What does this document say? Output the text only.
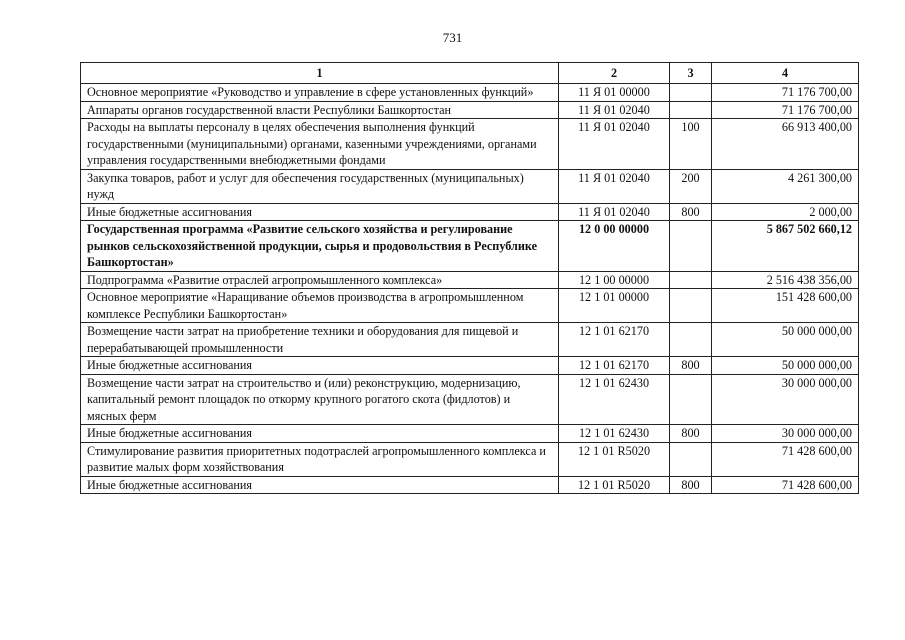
731
1	2	3	4
Основное мероприятие «Руководство и управление в сфере установленных функций»	11 Я 01 00000		71 176 700,00
Аппараты органов государственной власти Республики Башкортостан	11 Я 01 02040		71 176 700,00
Расходы на выплаты персоналу в целях обеспечения выполнения функций государственными (муниципальными) органами, казенными учреждениями, органами управления государственными внебюджетными фондами	11 Я 01 02040	100	66 913 400,00
Закупка товаров, работ и услуг для обеспечения государственных (муниципальных) нужд	11 Я 01 02040	200	4 261 300,00
Иные бюджетные ассигнования	11 Я 01 02040	800	2 000,00
Государственная программа «Развитие сельского хозяйства и регулирование рынков сельскохозяйственной продукции, сырья и продовольствия в Республике Башкортостан»	12 0 00 00000		5 867 502 660,12
Подпрограмма «Развитие отраслей агропромышленного комплекса»	12 1 00 00000		2 516 438 356,00
Основное мероприятие «Наращивание объемов производства в агропромышленном комплексе Республики Башкортостан»	12 1 01 00000		151 428 600,00
Возмещение части затрат на приобретение техники и оборудования для пищевой и перерабатывающей промышленности	12 1 01 62170		50 000 000,00
Иные бюджетные ассигнования	12 1 01 62170	800	50 000 000,00
Возмещение части затрат на строительство и (или) реконструкцию, модернизацию, капитальный ремонт площадок по откорму крупного рогатого скота (фидлотов) и мясных ферм	12 1 01 62430		30 000 000,00
Иные бюджетные ассигнования	12 1 01 62430	800	30 000 000,00
Стимулирование развития приоритетных подотраслей агропромышленного комплекса и развитие малых форм хозяйствования	12 1 01 R5020		71 428 600,00
Иные бюджетные ассигнования	12 1 01 R5020	800	71 428 600,00
